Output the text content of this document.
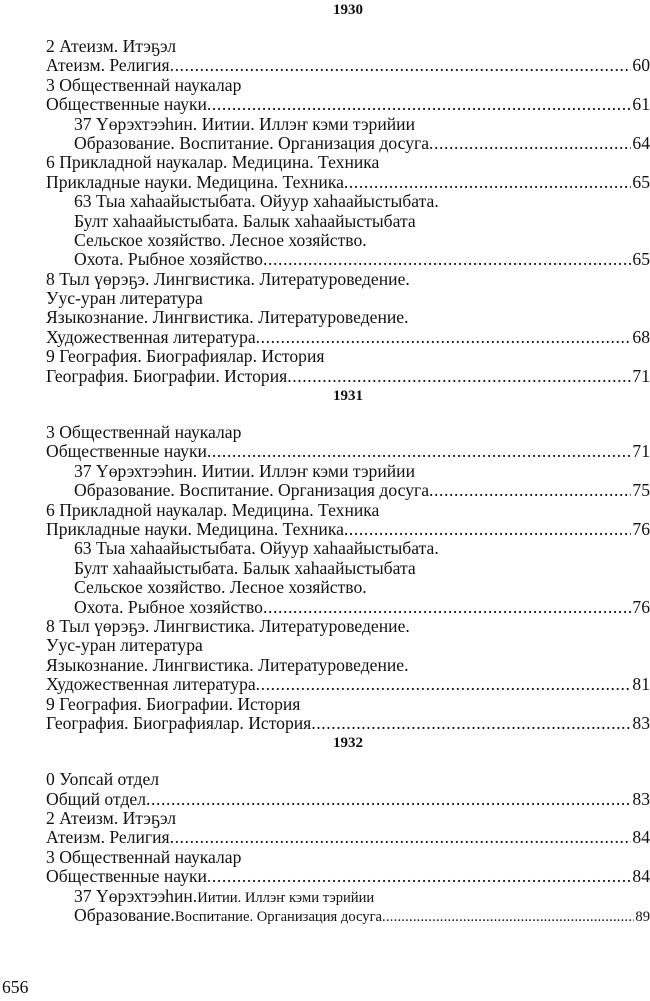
1930
2 Атеизм. Итэҕэл
Атеизм. Религия .....	60
3 Общественнай наукалар
Общественные науки .....	61
37 Үөрэхтээһин. Иитии. Иллэҥ кэми тэрийии
Образование. Воспитание. Организация досуга .....	64
6 Прикладной наукалар. Медицина. Техника
Прикладные науки. Медицина. Техника .....	65
63 Тыа хаһаайыстыбата. Ойуур хаһаайыстыбата.
Булт хаһаайыстыбата. Балык хаһаайыстыбата
Сельское хозяйство. Лесное хозяйство.
Охота. Рыбное хозяйство .....	65
8 Тыл үөрэҕэ. Лингвистика. Литературоведение.
Уус-уран литература
Языкознание. Лингвистика. Литературоведение.
Художественная литература .....	68
9 География. Биографиялар. История
География. Биографии. История .....	71
1931
3 Общественнай наукалар
Общественные науки .....	71
37 Үөрэхтээһин. Иитии. Иллэҥ кэми тэрийии
Образование. Воспитание. Организация досуга .....	75
6 Прикладной наукалар. Медицина. Техника
Прикладные науки. Медицина. Техника .....	76
63 Тыа хаһаайыстыбата. Ойуур хаһаайыстыбата.
Булт хаһаайыстыбата. Балык хаһаайыстыбата
Сельское хозяйство. Лесное хозяйство.
Охота. Рыбное хозяйство .....	76
8 Тыл үөрэҕэ. Лингвистика. Литературоведение.
Уус-уран литература
Языкознание. Лингвистика. Литературоведение.
Художественная литература .....	81
9 География. Биографии. История
География. Биографиялар. История .....	83
1932
0 Уопсай отдел
Общий отдел .....	83
2 Атеизм. Итэҕэл
Атеизм. Религия .....	84
3 Общественнай наукалар
Общественные науки .....	84
37 Үөрэхтээһин. Иитии. Иллэҥ кэми тэрийии
Образование. Воспитание. Организация досуга .....	89
656
